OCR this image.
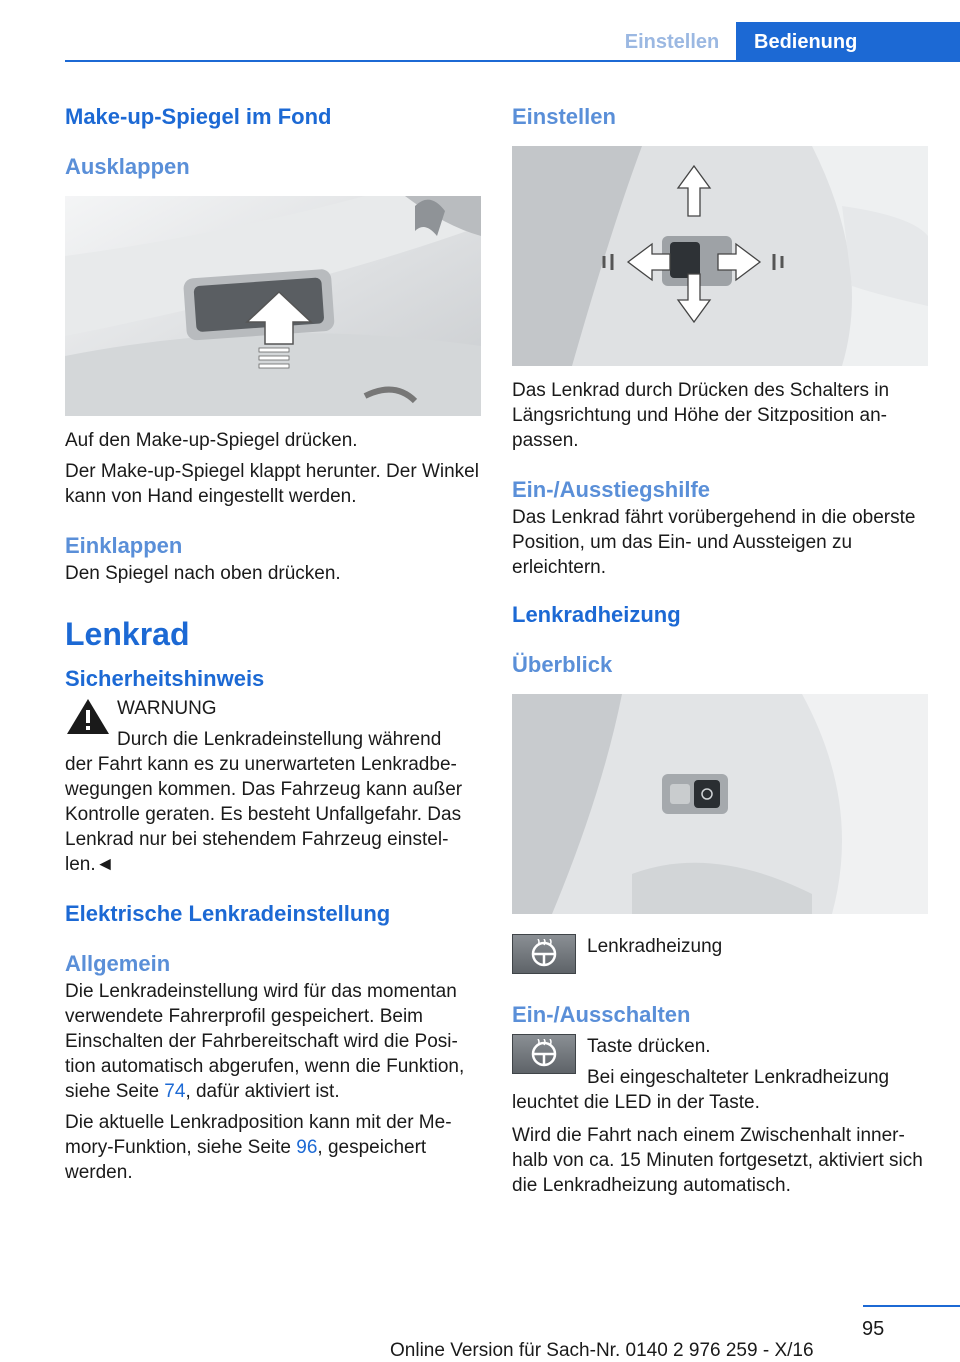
Einstellen	Bedienung
Make-up-Spiegel im Fond
Ausklappen

Auf den Make-up-Spiegel drücken.

Der Make-up-Spiegel klappt herunter. Der Winkel kann von Hand eingestellt werden.

Einklappen

Den Spiegel nach oben drücken.

Lenkrad
Sicherheitshinweis

WARNUNG

Durch die Lenkradeinstellung während

der Fahrt kann es zu unerwarteten Lenkradbewegungen kommen. Das Fahrzeug kann außer Kontrolle geraten. Es besteht Unfallgefahr. Das Lenkrad nur bei stehendem Fahrzeug einstellen.◄

Elektrische Lenkradeinstellung
Allgemein

Die Lenkradeinstellung wird für das momentan verwendete Fahrerprofil gespeichert. Beim Einschalten der Fahrbereitschaft wird die Position automatisch abgerufen, wenn die Funktion, siehe Seite 74, dafür aktiviert ist.

Die aktuelle Lenkradposition kann mit der Memory-Funktion, siehe Seite 96, gespeichert werden.

Einstellen

Das Lenkrad durch Drücken des Schalters in Längsrichtung und Höhe der Sitzposition anpassen.

Ein-/Ausstiegshilfe

Das Lenkrad fährt vorübergehend in die oberste Position, um das Ein- und Aussteigen zu erleichtern.

Lenkradheizung
Überblick

Lenkradheizung

Ein-/Ausschalten

Taste drücken.

Bei eingeschalteter Lenkradheizung

leuchtet die LED in der Taste.

Wird die Fahrt nach einem Zwischenhalt innerhalb von ca. 15 Minuten fortgesetzt, aktiviert sich die Lenkradheizung automatisch.

95
Online Version für Sach-Nr. 0140 2 976 259 - X/16
